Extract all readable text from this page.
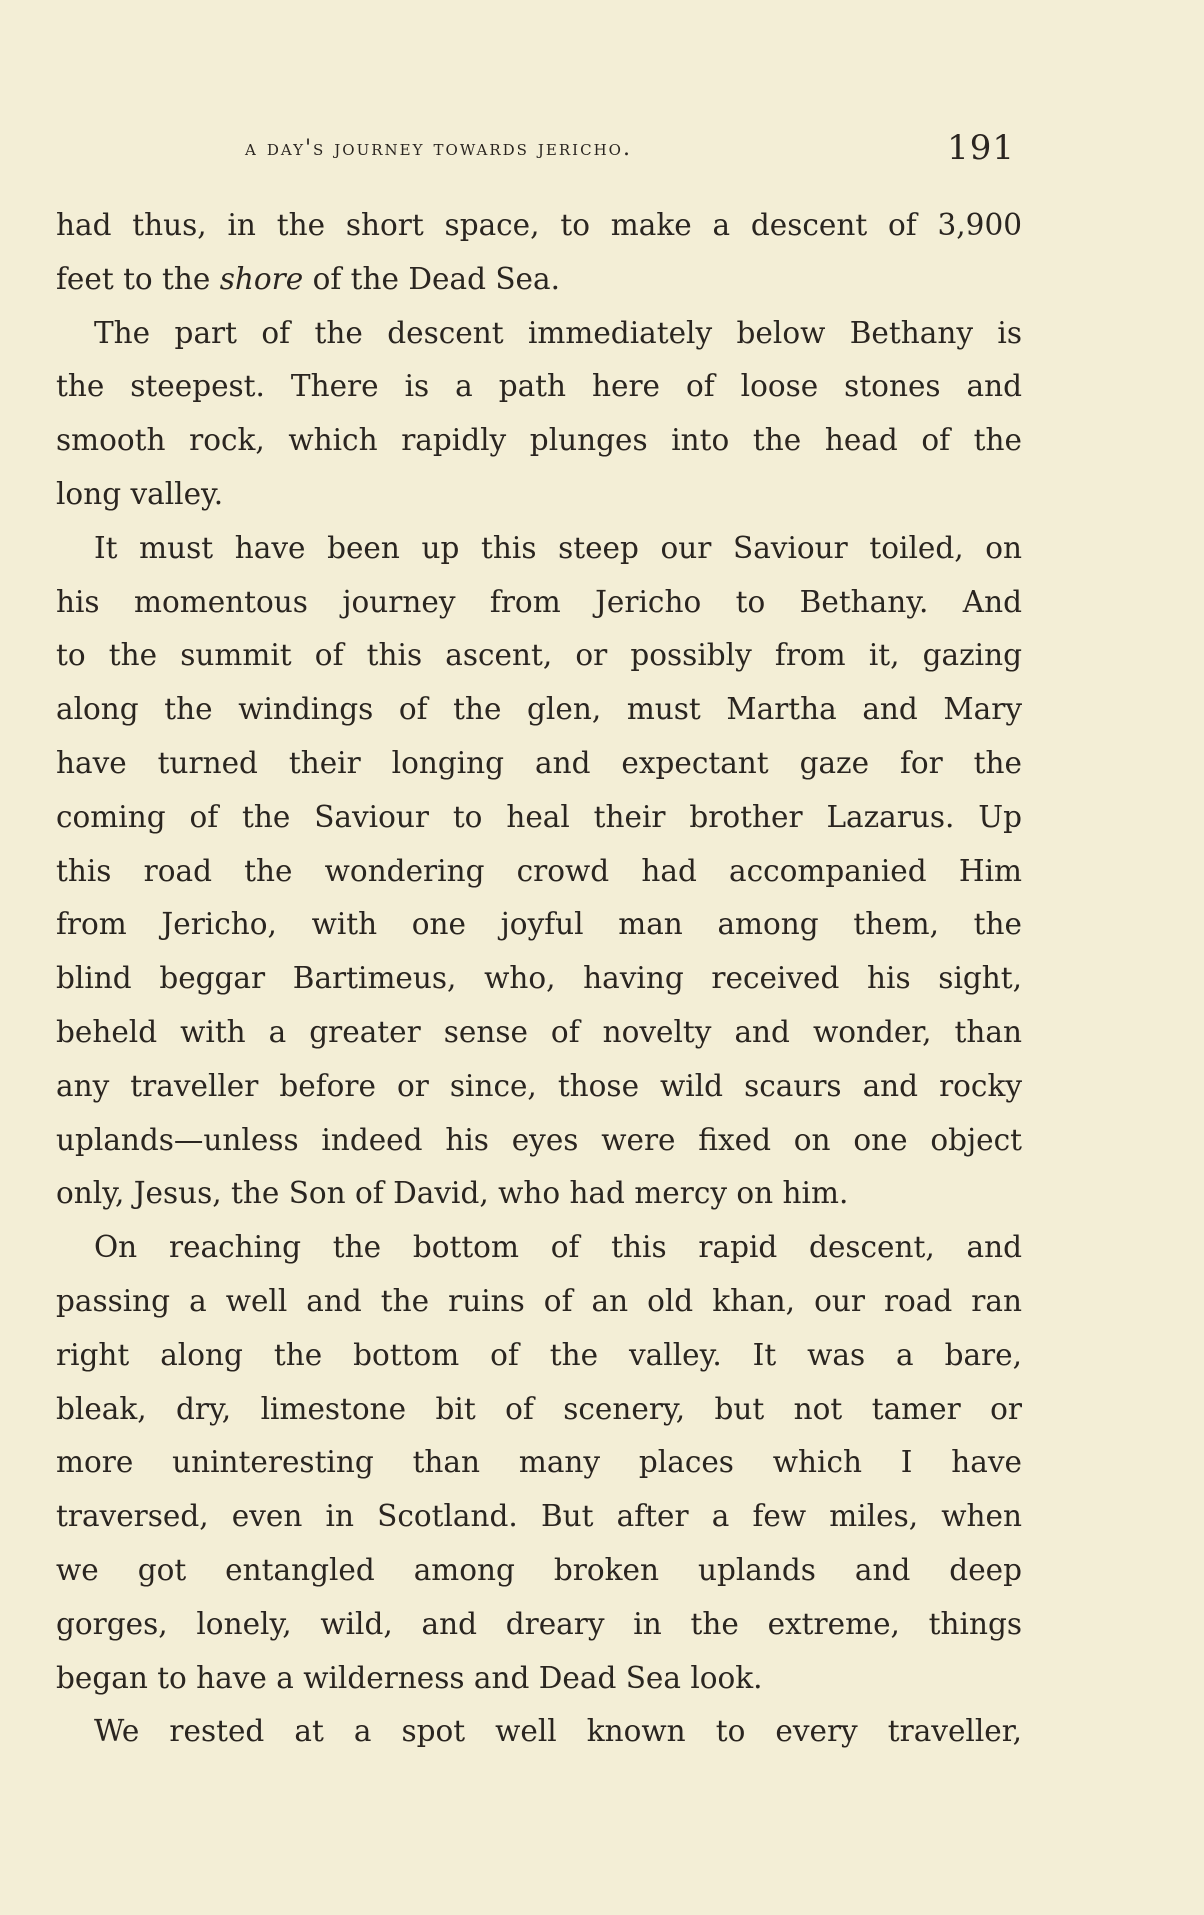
a day's journey towards jericho.	191
had thus, in the short space, to make a descent of 3,900
feet to the shore of the Dead Sea.
The part of the descent immediately below Bethany is
the steepest. There is a path here of loose stones and
smooth rock, which rapidly plunges into the head of the
long valley.
It must have been up this steep our Saviour toiled, on
his momentous journey from Jericho to Bethany. And
to the summit of this ascent, or possibly from it, gazing
along the windings of the glen, must Martha and Mary
have turned their longing and expectant gaze for the
coming of the Saviour to heal their brother Lazarus. Up
this road the wondering crowd had accompanied Him
from Jericho, with one joyful man among them, the
blind beggar Bartimeus, who, having received his sight,
beheld with a greater sense of novelty and wonder, than
any traveller before or since, those wild scaurs and rocky
uplands—unless indeed his eyes were fixed on one object
only, Jesus, the Son of David, who had mercy on him.
On reaching the bottom of this rapid descent, and
passing a well and the ruins of an old khan, our road ran
right along the bottom of the valley. It was a bare,
bleak, dry, limestone bit of scenery, but not tamer or
more uninteresting than many places which I have
traversed, even in Scotland. But after a few miles, when
we got entangled among broken uplands and deep
gorges, lonely, wild, and dreary in the extreme, things
began to have a wilderness and Dead Sea look.
We rested at a spot well known to every traveller,
